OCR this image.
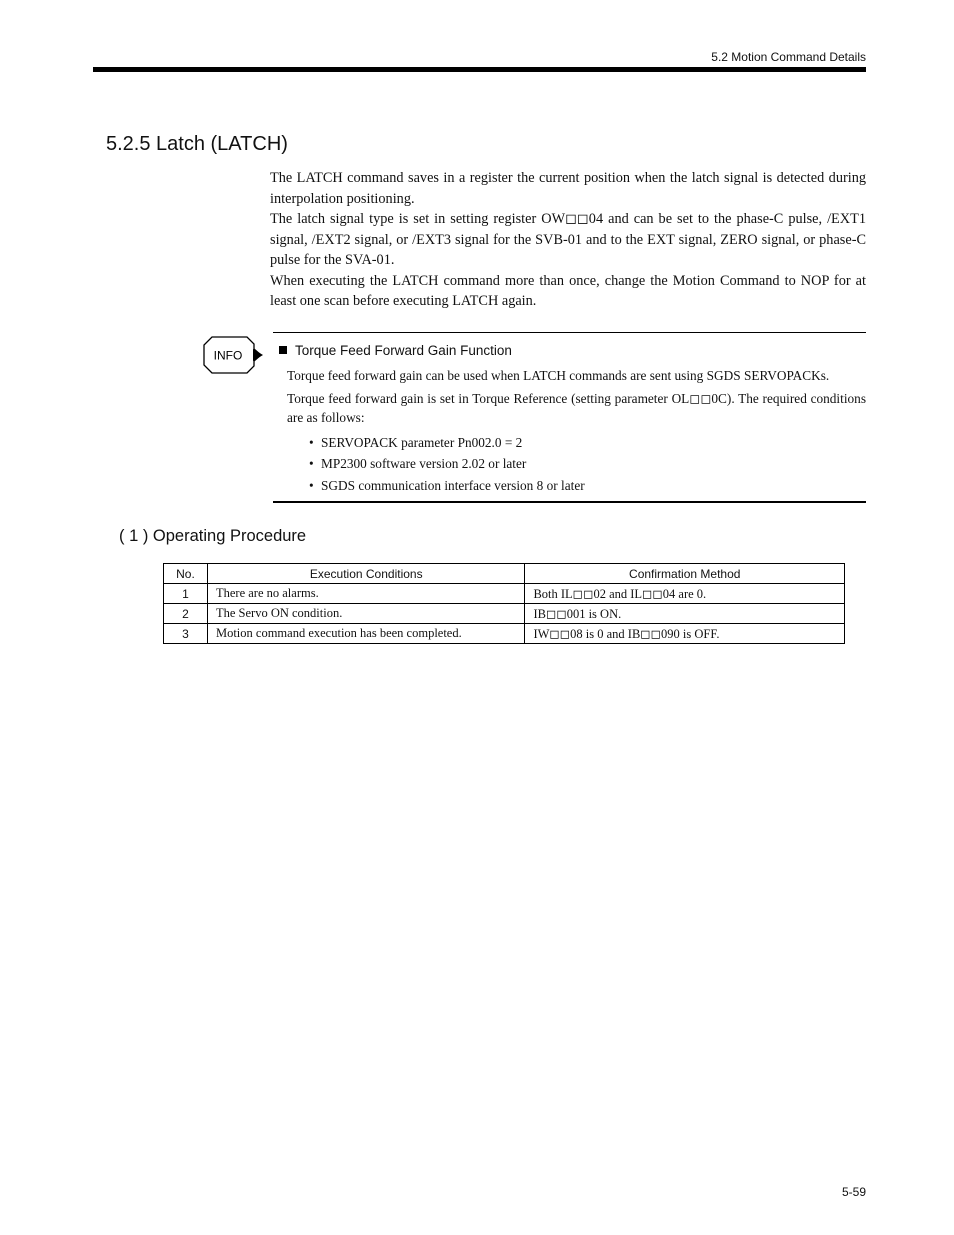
5.2 Motion Command Details
5.2.5 Latch (LATCH)

The LATCH command saves in a register the current position when the latch signal is detected during interpolation positioning.

The latch signal type is set in setting register OW◻◻04 and can be set to the phase-C pulse, /EXT1 signal, /EXT2 signal, or /EXT3 signal for the SVB-01 and to the EXT signal, ZERO signal, or phase-C pulse for the SVA-01.

When executing the LATCH command more than once, change the Motion Command to NOP for at least one scan before executing LATCH again.

INFO	Torque Feed Forward Gain Function

Torque feed forward gain can be used when LATCH commands are sent using SGDS SERVOPACKs.

Torque feed forward gain is set in Torque Reference (setting parameter OL◻◻0C). The required conditions are as follows:

• SERVOPACK parameter Pn002.0 = 2
• MP2300 software version 2.02 or later
• SGDS communication interface version 8 or later
( 1 ) Operating Procedure
No.	Execution Conditions	Confirmation Method
1	There are no alarms.	Both IL◻◻02 and IL◻◻04 are 0.
2	The Servo ON condition.	IB◻◻001 is ON.
3	Motion command execution has been completed.	IW◻◻08 is 0 and IB◻◻090 is OFF.
5-59
